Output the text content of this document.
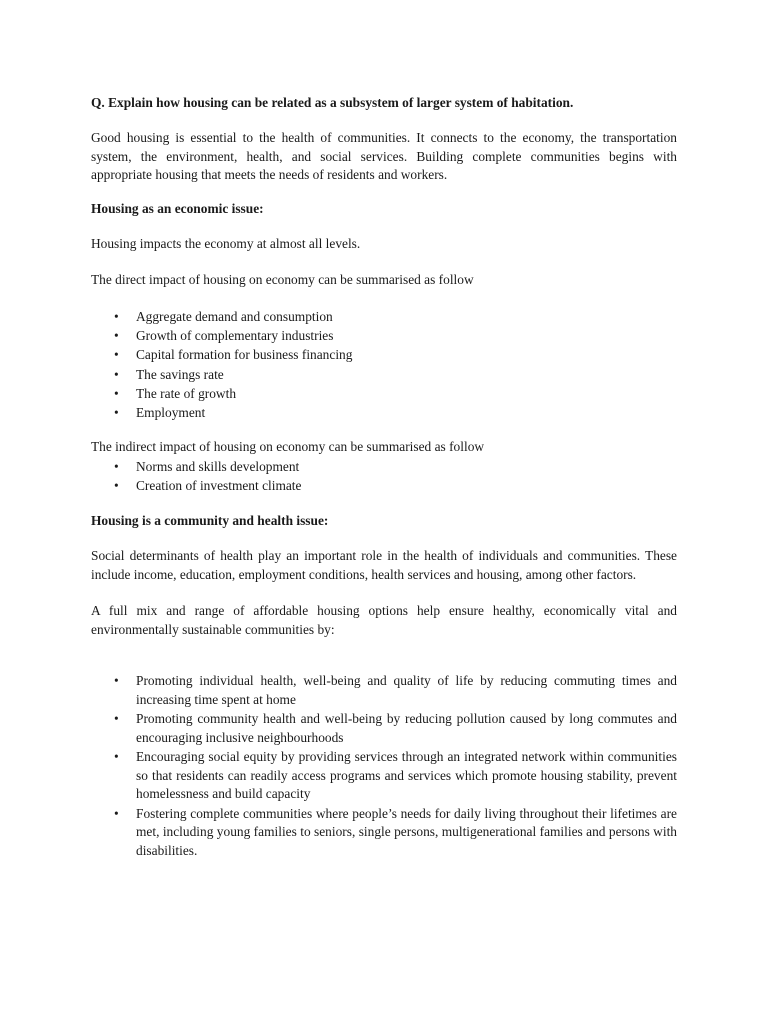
Q. Explain how housing can be related as a subsystem of larger system of habitation.

Good housing is essential to the health of communities. It connects to the economy, the transportation system, the environment, health, and social services. Building complete communities begins with appropriate housing that meets the needs of residents and workers.

Housing as an economic issue:

Housing impacts the economy at almost all levels.

The direct impact of housing on economy can be summarised as follow

• Aggregate demand and consumption
• Growth of complementary industries
• Capital formation for business financing
• The savings rate
• The rate of growth
• Employment

The indirect impact of housing on economy can be summarised as follow

• Norms and skills development
• Creation of investment climate

Housing is a community and health issue:

Social determinants of health play an important role in the health of individuals and communities. These include income, education, employment conditions, health services and housing, among other factors.

A full mix and range of affordable housing options help ensure healthy, economically vital and environmentally sustainable communities by:

• Promoting individual health, well-being and quality of life by reducing commuting times and increasing time spent at home
• Promoting community health and well-being by reducing pollution caused by long commutes and encouraging inclusive neighbourhoods
• Encouraging social equity by providing services through an integrated network within communities so that residents can readily access programs and services which promote housing stability, prevent homelessness and build capacity
• Fostering complete communities where people’s needs for daily living throughout their lifetimes are met, including young families to seniors, single persons, multigenerational families and persons with disabilities.
